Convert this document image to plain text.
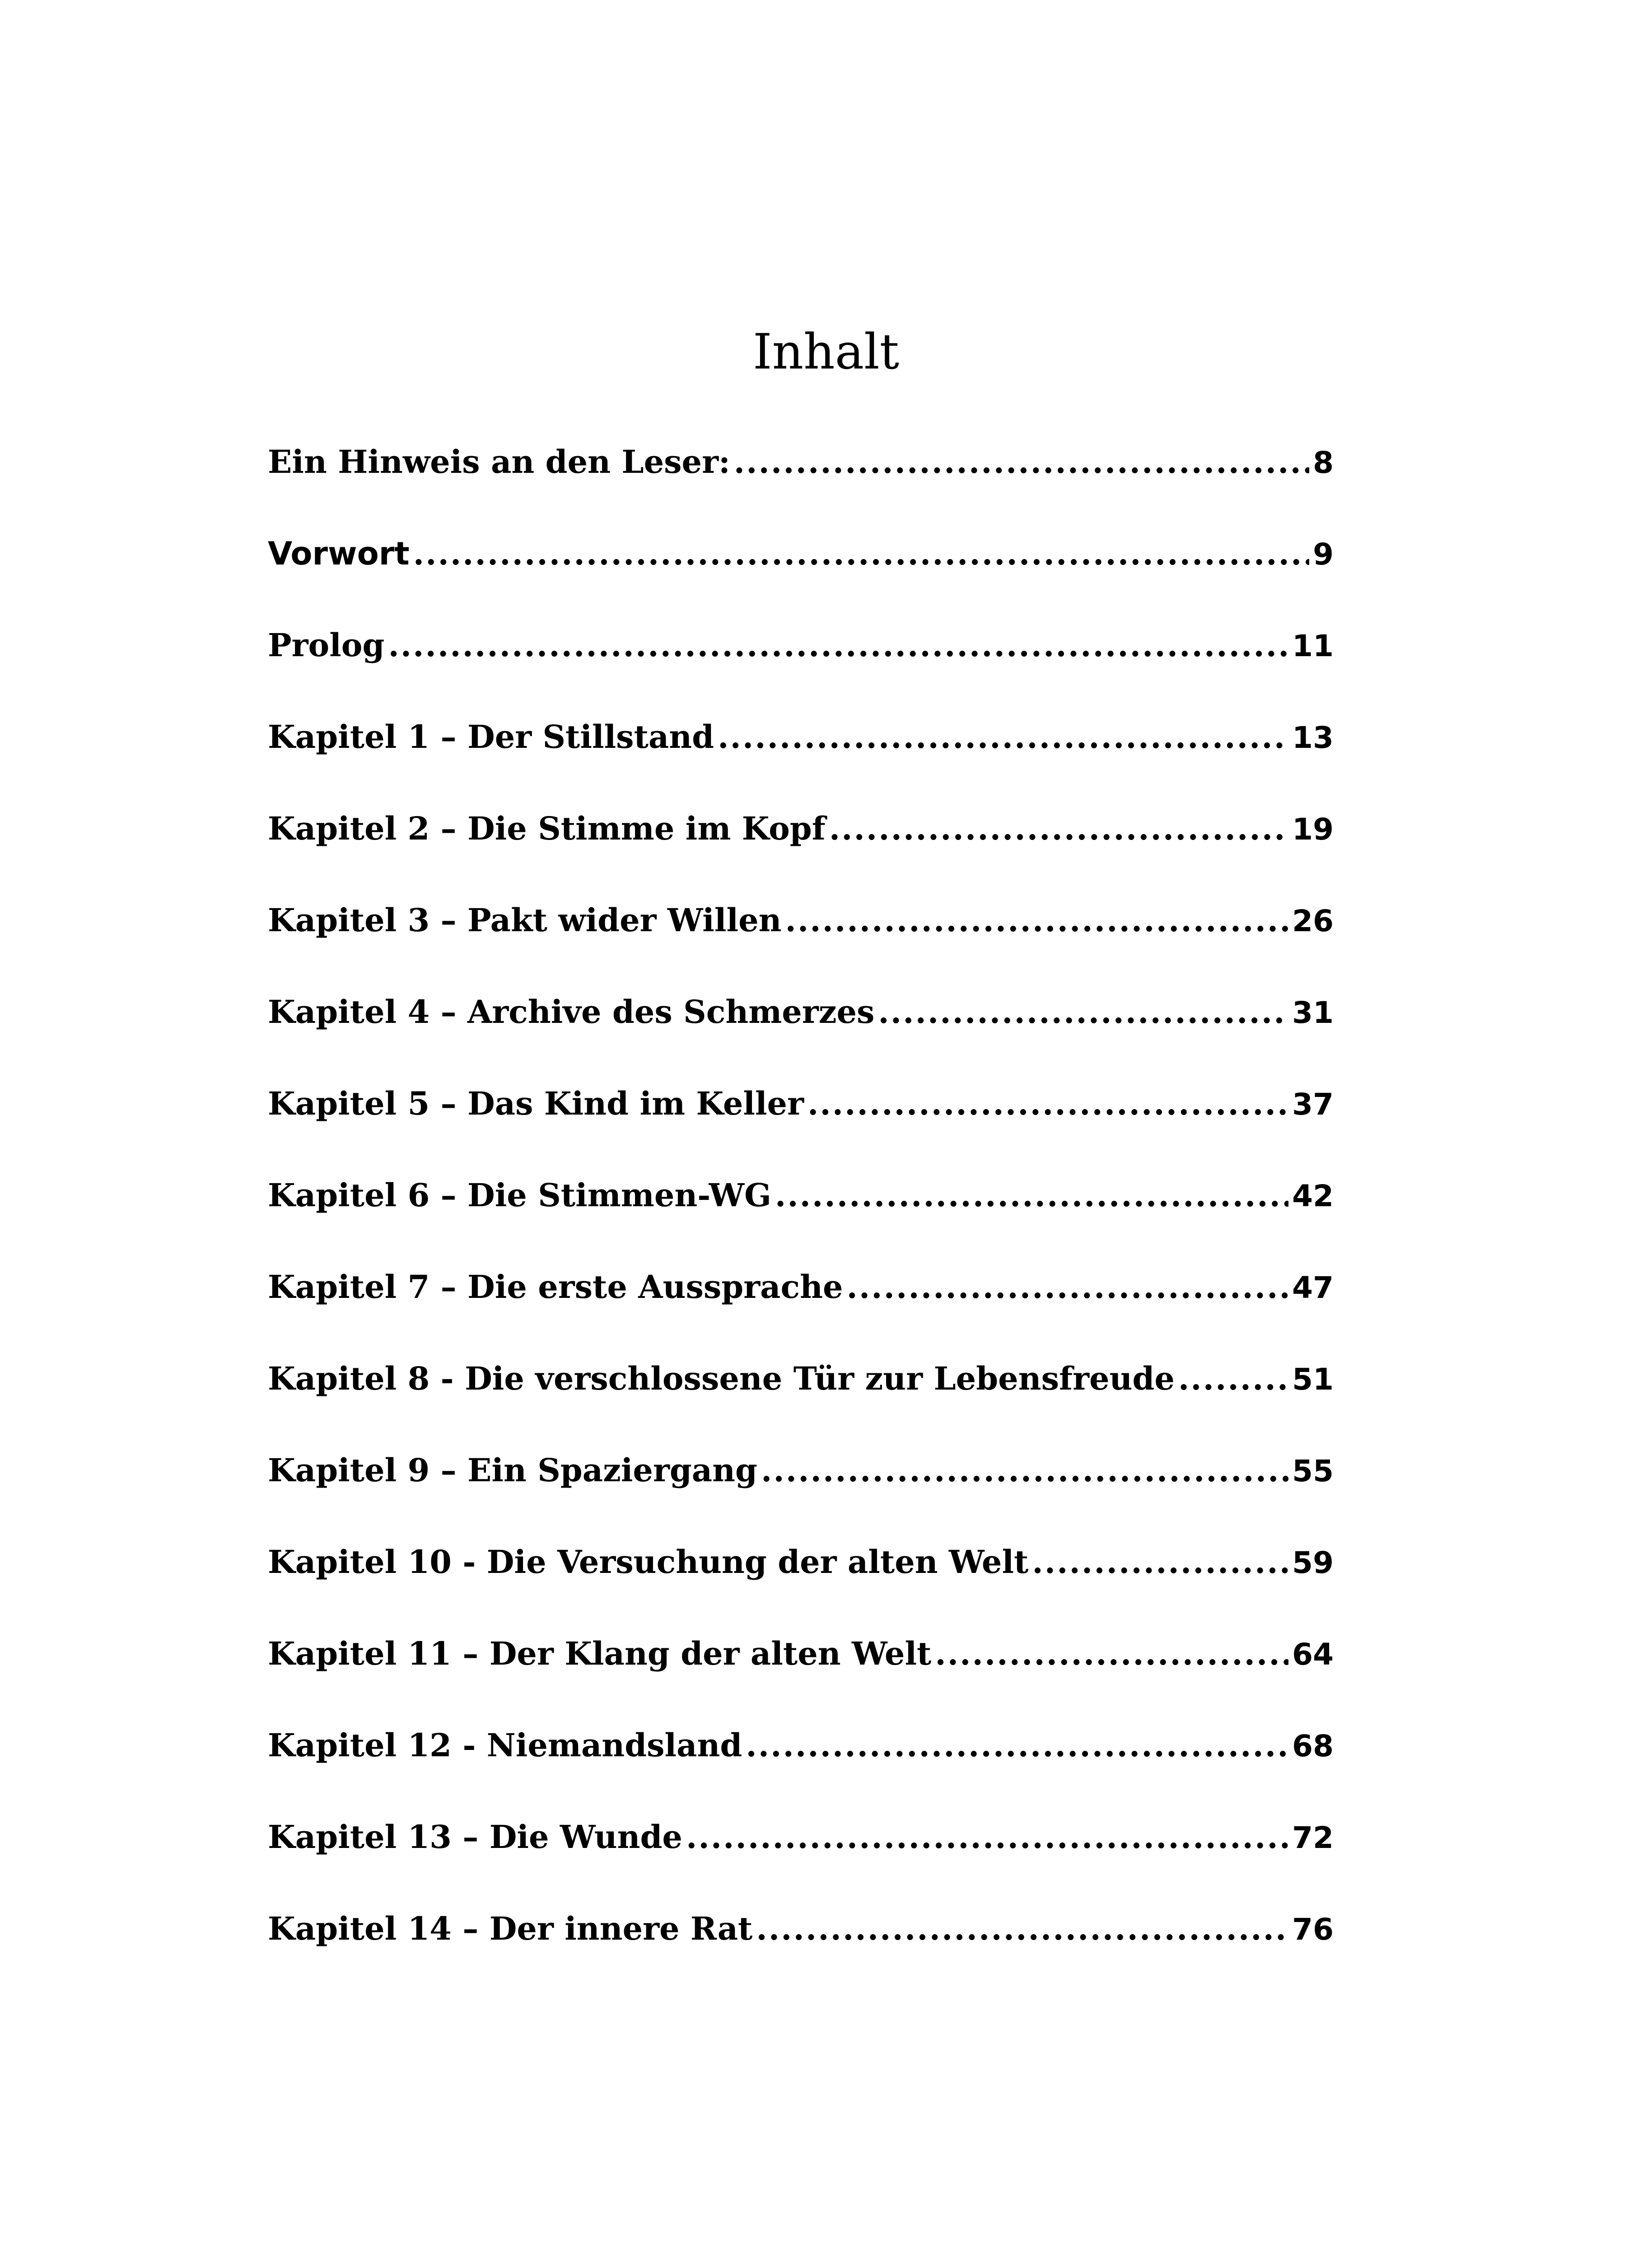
Inhalt
Ein Hinweis an den Leser: .....	8
Vorwort .....	9
Prolog .....	11
Kapitel 1 – Der Stillstand .....	13
Kapitel 2 – Die Stimme im Kopf .....	19
Kapitel 3 – Pakt wider Willen .....	26
Kapitel 4 – Archive des Schmerzes .....	31
Kapitel 5 – Das Kind im Keller .....	37
Kapitel 6 – Die Stimmen-WG .....	42
Kapitel 7 – Die erste Aussprache .....	47
Kapitel 8 - Die verschlossene Tür zur Lebensfreude .....	51
Kapitel 9 – Ein Spaziergang .....	55
Kapitel 10 - Die Versuchung der alten Welt .....	59
Kapitel 11 – Der Klang der alten Welt .....	64
Kapitel 12 - Niemandsland .....	68
Kapitel 13 – Die Wunde .....	72
Kapitel 14 – Der innere Rat .....	76
